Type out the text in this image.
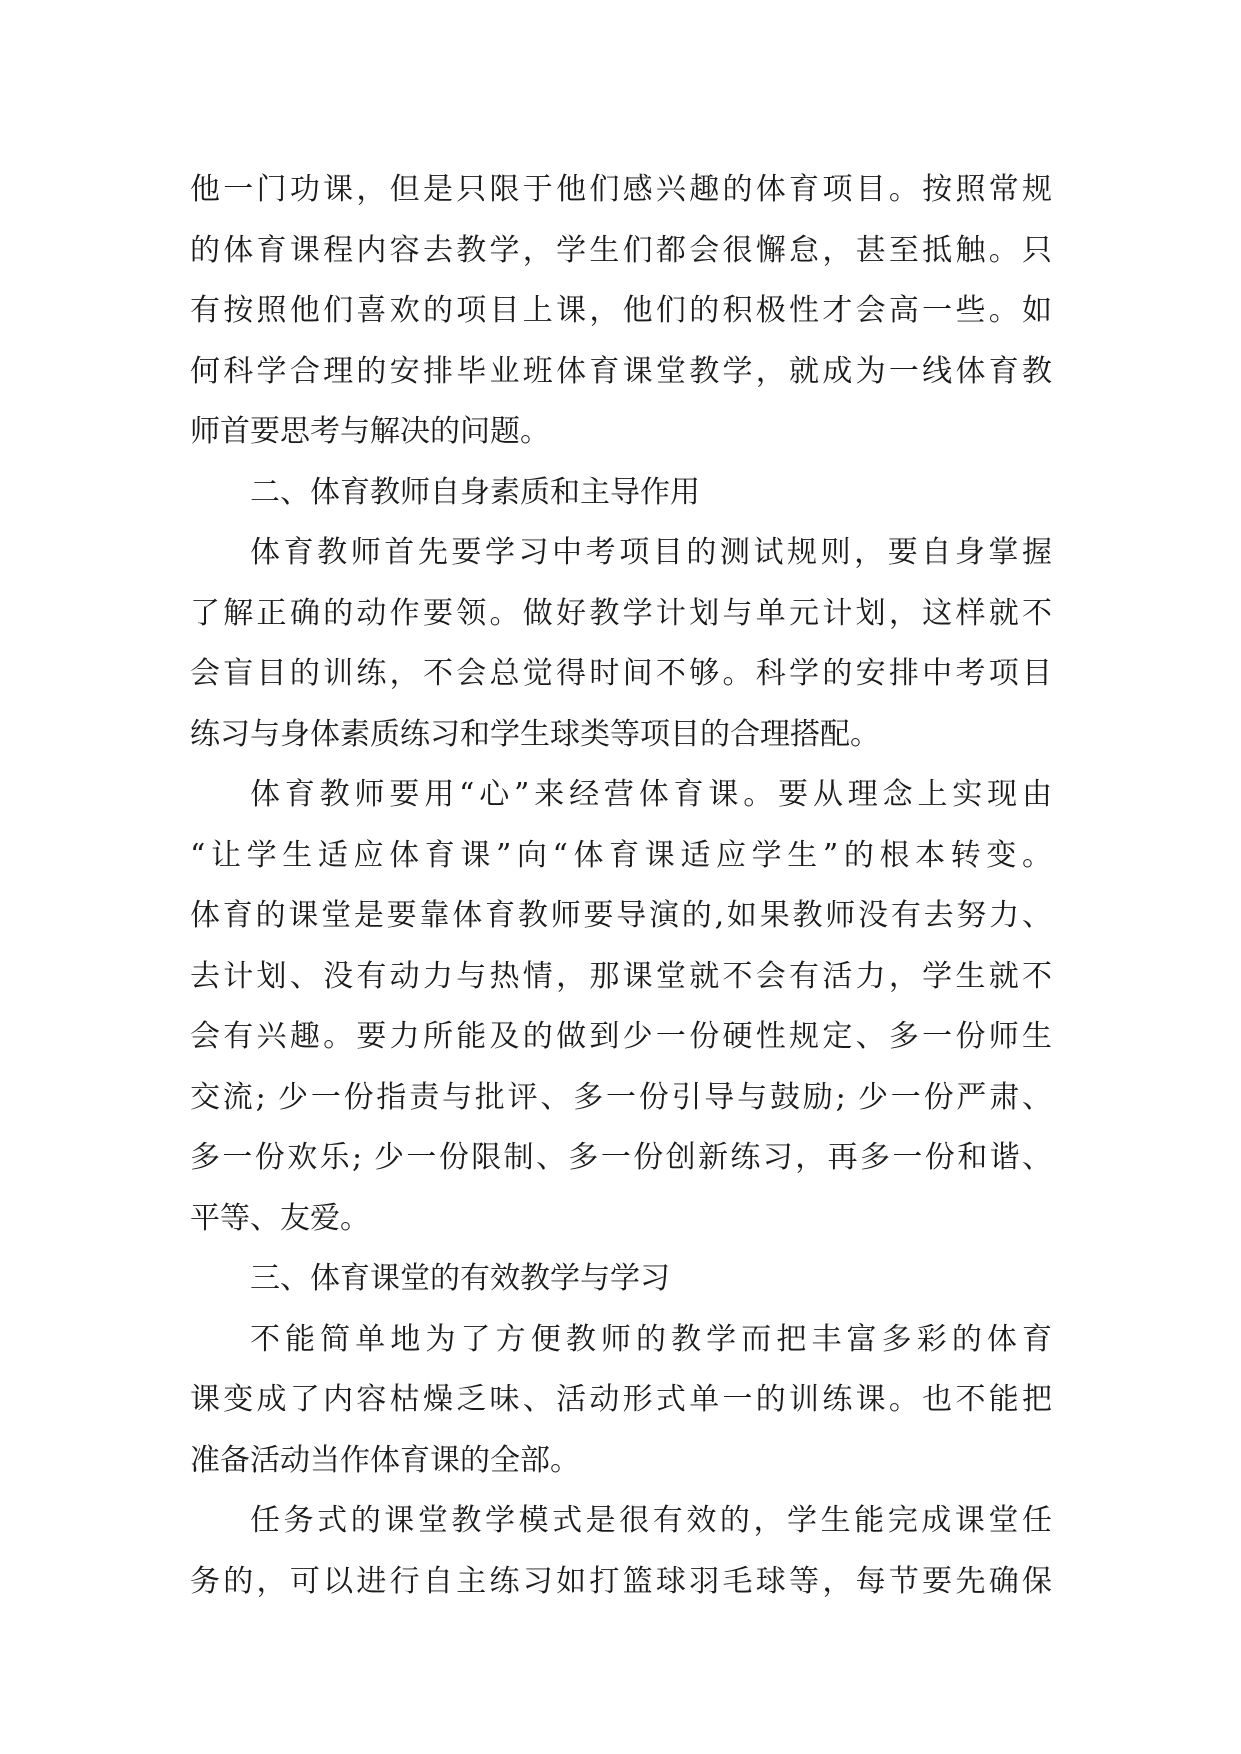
他一门功课，但是只限于他们感兴趣的体育项目。按照常规
的体育课程内容去教学，学生们都会很懈怠，甚至抵触。只
有按照他们喜欢的项目上课，他们的积极性才会高一些。如
何科学合理的安排毕业班体育课堂教学，就成为一线体育教
师首要思考与解决的问题。
二、体育教师自身素质和主导作用
体育教师首先要学习中考项目的测试规则，要自身掌握
了解正确的动作要领。做好教学计划与单元计划，这样就不
会盲目的训练，不会总觉得时间不够。科学的安排中考项目
练习与身体素质练习和学生球类等项目的合理搭配。
体育教师要用“心”来经营体育课。要从理念上实现由
“让学生适应体育课”向“体育课适应学生”的根本转变。
体育的课堂是要靠体育教师要导演的,如果教师没有去努力、
去计划、没有动力与热情，那课堂就不会有活力，学生就不
会有兴趣。要力所能及的做到少一份硬性规定、多一份师生
交流; 少一份指责与批评、多一份引导与鼓励; 少一份严肃、
多一份欢乐; 少一份限制、多一份创新练习，再多一份和谐、
平等、友爱。
三、体育课堂的有效教学与学习
不能简单地为了方便教师的教学而把丰富多彩的体育
课变成了内容枯燥乏味、活动形式单一的训练课。也不能把
准备活动当作体育课的全部。
任务式的课堂教学模式是很有效的，学生能完成课堂任
务的，可以进行自主练习如打篮球羽毛球等，每节要先确保
